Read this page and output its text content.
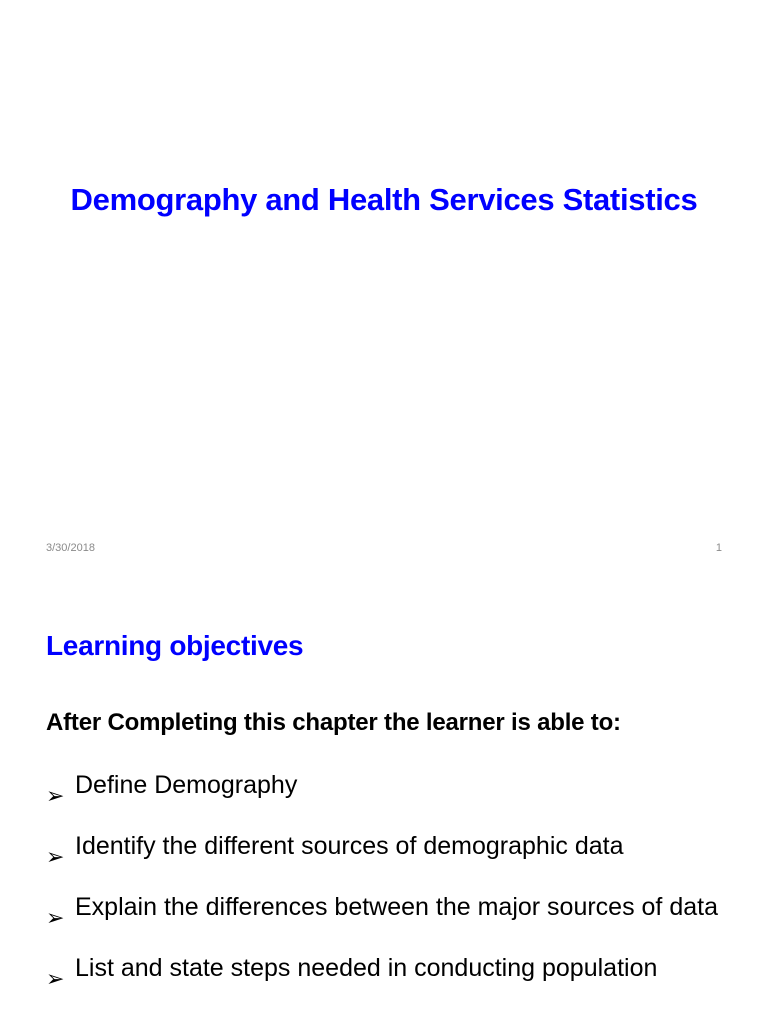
Demography and Health Services Statistics
3/30/2018	1
Learning objectives
After Completing this chapter the learner is able to:
➢ Define Demography
➢ Identify the different sources of demographic data
➢ Explain the differences between the major sources of data
➢ List and state steps needed in conducting population
